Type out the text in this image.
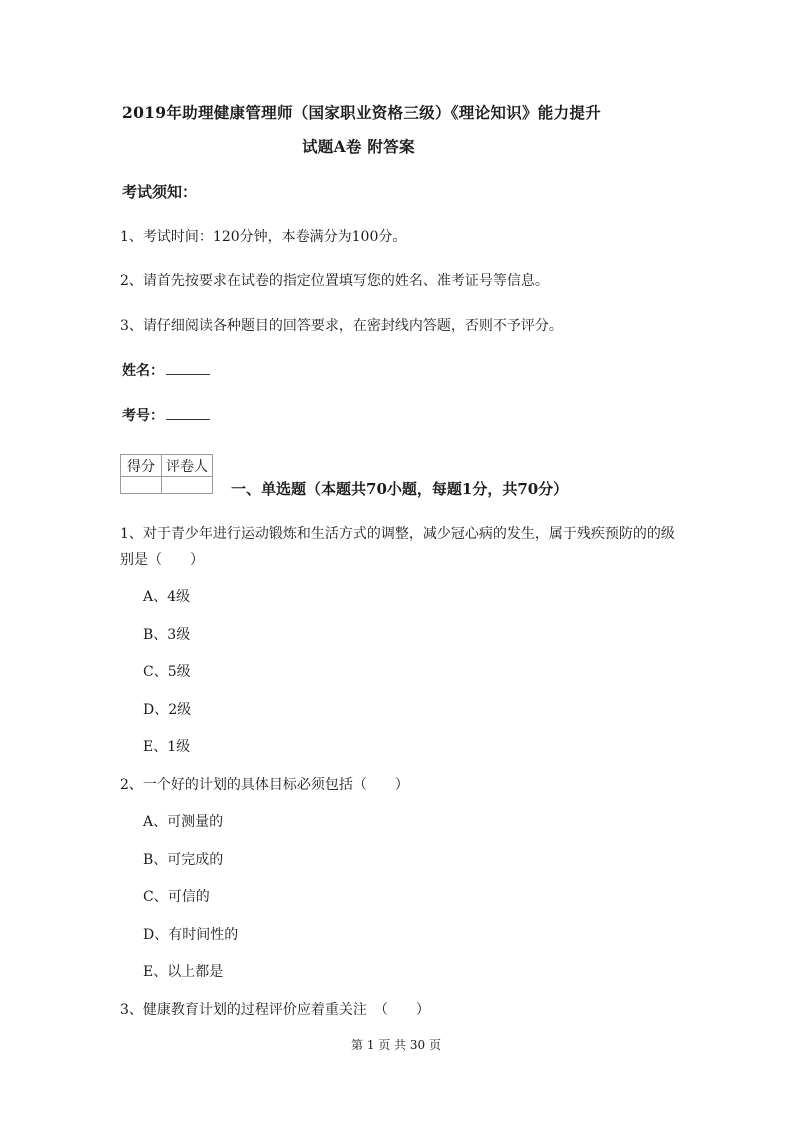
2019年助理健康管理师（国家职业资格三级）《理论知识》能力提升
试题A卷 附答案
考试须知：
1、考试时间：120分钟，本卷满分为100分。
2、请首先按要求在试卷的指定位置填写您的姓名、准考证号等信息。
3、请仔细阅读各种题目的回答要求，在密封线内答题，否则不予评分。
姓名：
考号：
得分	评卷人

一、单选题（本题共70小题，每题1分，共70分）
1、对于青少年进行运动锻炼和生活方式的调整，减少冠心病的发生，属于残疾预防的的级
别是（　　）
A、4级
B、3级
C、5级
D、2级
E、1级
2、一个好的计划的具体目标必须包括（　　）
A、可测量的
B、可完成的
C、可信的
D、有时间性的
E、以上都是
3、健康教育计划的过程评价应着重关注　（　　）
第 1 页 共 30 页
